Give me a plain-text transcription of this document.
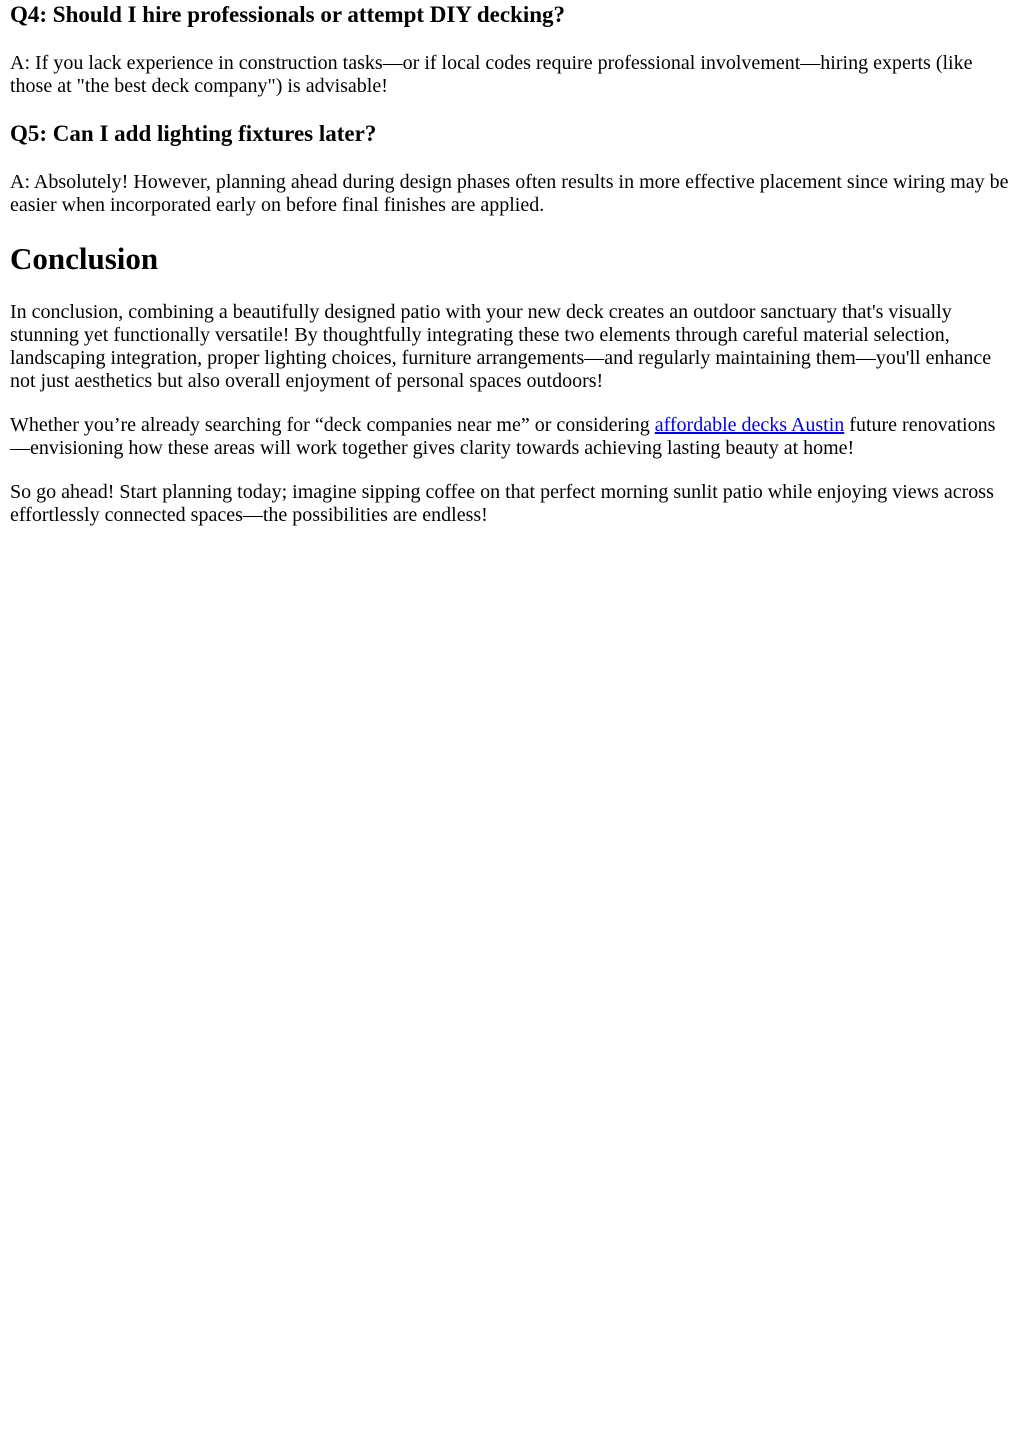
Q4: Should I hire professionals or attempt DIY decking?

A: If you lack experience in construction tasks—or if local codes require professional involvement—hiring experts (like those at "the best deck company") is advisable!

Q5: Can I add lighting fixtures later?

A: Absolutely! However, planning ahead during design phases often results in more effective placement since wiring may be easier when incorporated early on before final finishes are applied.

Conclusion

In conclusion, combining a beautifully designed patio with your new deck creates an outdoor sanctuary that's visually stunning yet functionally versatile! By thoughtfully integrating these two elements through careful material selection, landscaping integration, proper lighting choices, furniture arrangements—and regularly maintaining them—you'll enhance not just aesthetics but also overall enjoyment of personal spaces outdoors!

Whether you’re already searching for “deck companies near me” or considering affordable decks Austin future renovations—envisioning how these areas will work together gives clarity towards achieving lasting beauty at home!

So go ahead! Start planning today; imagine sipping coffee on that perfect morning sunlit patio while enjoying views across effortlessly connected spaces—the possibilities are endless!
